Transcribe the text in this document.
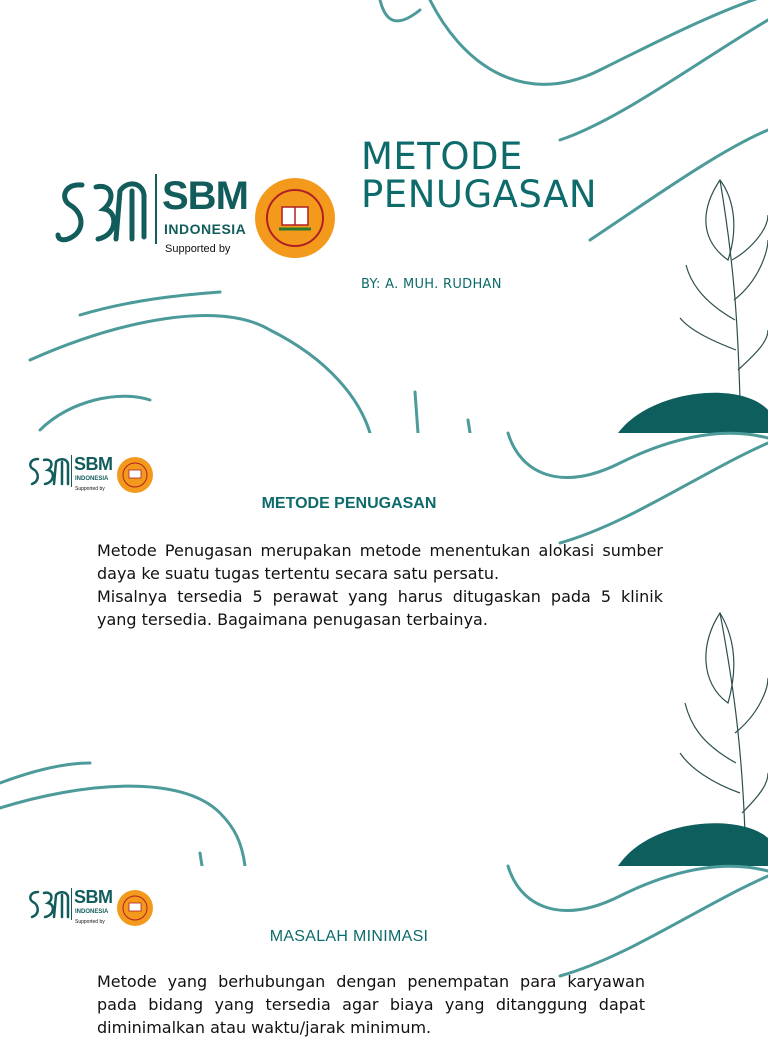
SBM
INDONESIA
Supported by
METODE
PENUGASAN
BY: A. MUH. RUDHAN
SBM
INDONESIA
Supported by
METODE PENUGASAN

Metode Penugasan merupakan metode menentukan alokasi sumber daya ke suatu tugas tertentu secara satu persatu.

Misalnya tersedia 5 perawat yang harus ditugaskan pada 5 klinik yang tersedia. Bagaimana penugasan terbainya.

SBM
INDONESIA
Supported by
MASALAH MINIMASI

Metode yang berhubungan dengan penempatan para karyawan pada bidang yang tersedia agar biaya yang ditanggung dapat diminimalkan atau waktu/jarak minimum.
